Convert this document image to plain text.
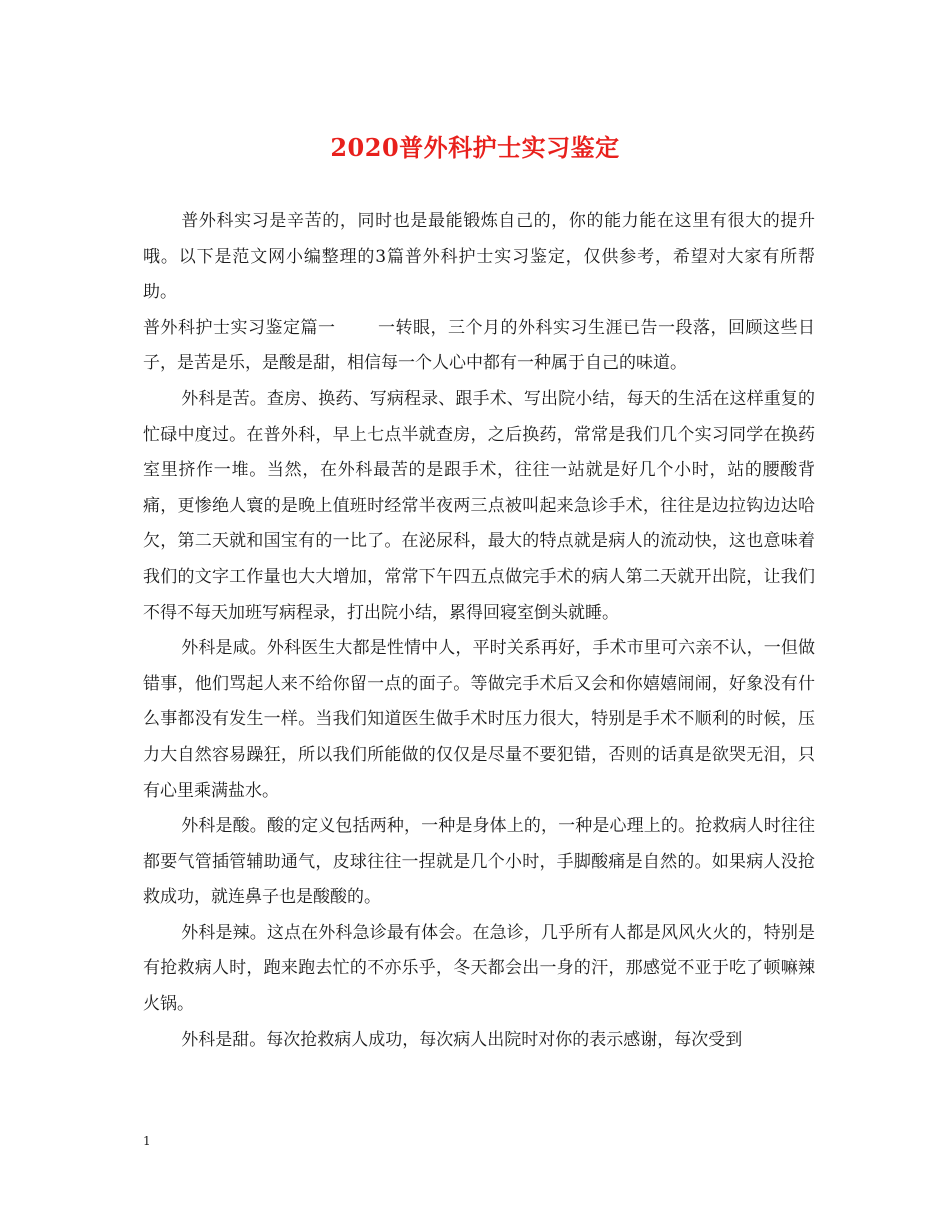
2020普外科护士实习鉴定

普外科实习是辛苦的，同时也是最能锻炼自己的，你的能力能在这里有很大的提升哦。以下是范文网小编整理的3篇普外科护士实习鉴定，仅供参考，希望对大家有所帮助。

普外科护士实习鉴定篇一 一转眼，三个月的外科实习生涯已告一段落，回顾这些日子，是苦是乐，是酸是甜，相信每一个人心中都有一种属于自己的味道。

外科是苦。查房、换药、写病程录、跟手术、写出院小结，每天的生活在这样重复的忙碌中度过。在普外科，早上七点半就查房，之后换药，常常是我们几个实习同学在换药室里挤作一堆。当然，在外科最苦的是跟手术，往往一站就是好几个小时，站的腰酸背痛，更惨绝人寰的是晚上值班时经常半夜两三点被叫起来急诊手术，往往是边拉钩边达哈欠，第二天就和国宝有的一比了。在泌尿科，最大的特点就是病人的流动快，这也意味着我们的文字工作量也大大增加，常常下午四五点做完手术的病人第二天就开出院，让我们不得不每天加班写病程录，打出院小结，累得回寝室倒头就睡。

外科是咸。外科医生大都是性情中人，平时关系再好，手术市里可六亲不认，一但做错事，他们骂起人来不给你留一点的面子。等做完手术后又会和你嬉嬉闹闹，好象没有什么事都没有发生一样。当我们知道医生做手术时压力很大，特别是手术不顺利的时候，压力大自然容易躁狂，所以我们所能做的仅仅是尽量不要犯错，否则的话真是欲哭无泪，只有心里乘满盐水。

外科是酸。酸的定义包括两种，一种是身体上的，一种是心理上的。抢救病人时往往都要气管插管辅助通气，皮球往往一捏就是几个小时，手脚酸痛是自然的。如果病人没抢救成功，就连鼻子也是酸酸的。

外科是辣。这点在外科急诊最有体会。在急诊，几乎所有人都是风风火火的，特别是有抢救病人时，跑来跑去忙的不亦乐乎，冬天都会出一身的汗，那感觉不亚于吃了顿嘛辣火锅。

外科是甜。每次抢救病人成功，每次病人出院时对你的表示感谢，每次受到

1
